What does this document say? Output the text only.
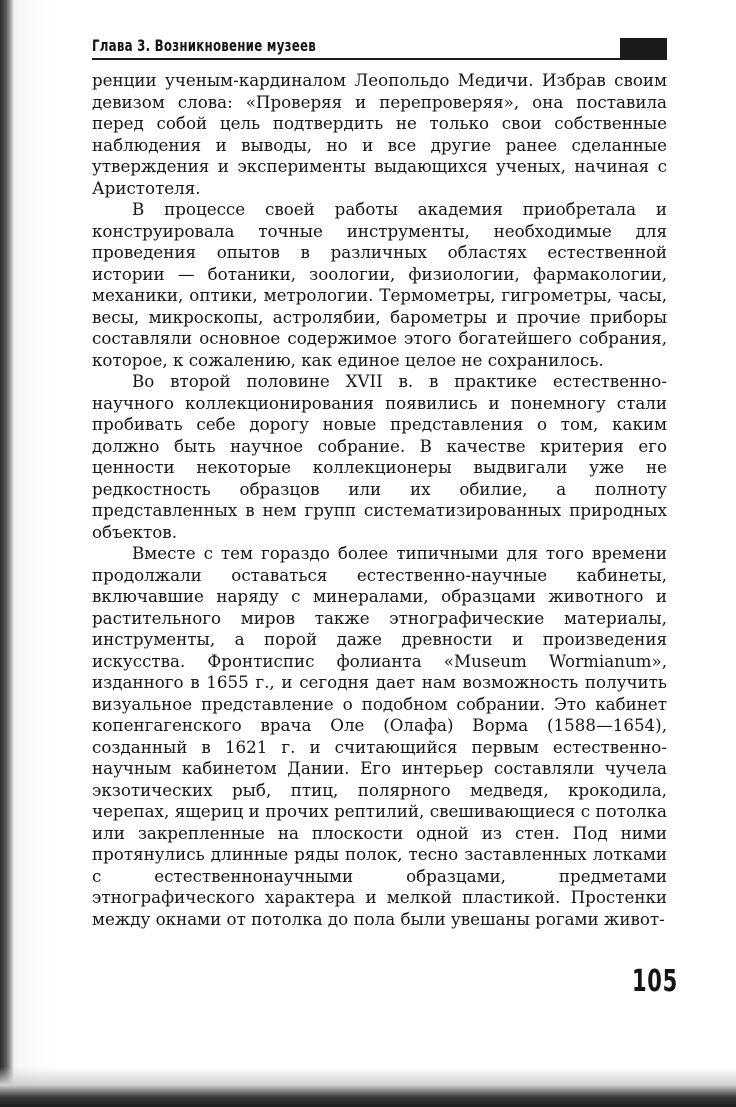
Глава 3. Возникновение музеев

ренции ученым-кардиналом Леопольдо Медичи. Избрав своим девизом слова: «Проверяя и перепроверяя», она поставила перед собой цель подтвердить не только свои собственные наблюдения и выводы, но и все другие ранее сделанные утверждения и эксперименты выдающихся ученых, начиная с Аристотеля.

В процессе своей работы академия приобретала и конструировала точные инструменты, необходимые для проведения опытов в различных областях естественной истории — ботаники, зоологии, физиологии, фармакологии, механики, оптики, метрологии. Термометры, гигрометры, часы, весы, микроскопы, астролябии, барометры и прочие приборы составляли основное содержимое этого богатейшего собрания, которое, к сожалению, как единое целое не сохранилось.

Во второй половине XVII в. в практике естественно-научного коллекционирования появились и понемногу стали пробивать себе дорогу новые представления о том, каким должно быть научное собрание. В качестве критерия его ценности некоторые коллекционеры выдвигали уже не редкостность образцов или их обилие, а полноту представленных в нем групп систематизированных природных объектов.

Вместе с тем гораздо более типичными для того времени продолжали оставаться естественно-научные кабинеты, включавшие наряду с минералами, образцами животного и растительного миров также этнографические материалы, инструменты, а порой даже древности и произведения искусства. Фронтиспис фолианта «Museum Wormianum», изданного в 1655 г., и сегодня дает нам возможность получить визуальное представление о подобном собрании. Это кабинет копенгагенского врача Оле (Олафа) Ворма (1588—1654), созданный в 1621 г. и считающийся первым естественно-научным кабинетом Дании. Его интерьер составляли чучела экзотических рыб, птиц, полярного медведя, крокодила, черепах, ящериц и прочих рептилий, свешивающиеся с потолка или закрепленные на плоскости одной из стен. Под ними протянулись длинные ряды полок, тесно заставленных лотками с естественнонаучными образцами, предметами этнографического характера и мелкой пластикой. Простенки между окнами от потолка до пола были увешаны рогами живот-

105
